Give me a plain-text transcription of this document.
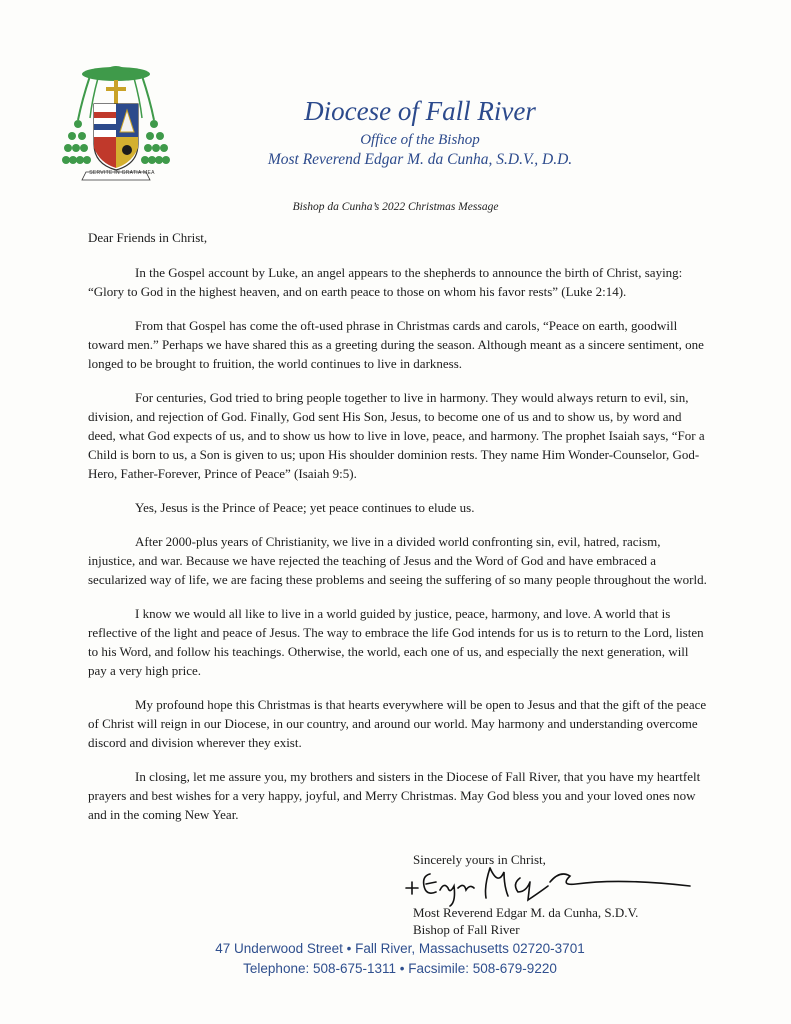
SERVITE IN GRATIA MEA
Diocese of Fall River
Office of the Bishop
Most Reverend Edgar M. da Cunha, S.D.V., D.D.
Bishop da Cunha’s 2022 Christmas Message

Dear Friends in Christ,

In the Gospel account by Luke, an angel appears to the shepherds to announce the birth of Christ, saying: “Glory to God in the highest heaven, and on earth peace to those on whom his favor rests” (Luke 2:14).

From that Gospel has come the oft-used phrase in Christmas cards and carols, “Peace on earth, goodwill toward men.” Perhaps we have shared this as a greeting during the season. Although meant as a sincere sentiment, one longed to be brought to fruition, the world continues to live in darkness.

For centuries, God tried to bring people together to live in harmony. They would always return to evil, sin, division, and rejection of God. Finally, God sent His Son, Jesus, to become one of us and to show us, by word and deed, what God expects of us, and to show us how to live in love, peace, and harmony. The prophet Isaiah says, “For a Child is born to us, a Son is given to us; upon His shoulder dominion rests. They name Him Wonder-Counselor, God-Hero, Father-Forever, Prince of Peace” (Isaiah 9:5).

Yes, Jesus is the Prince of Peace; yet peace continues to elude us.

After 2000-plus years of Christianity, we live in a divided world confronting sin, evil, hatred, racism, injustice, and war. Because we have rejected the teaching of Jesus and the Word of God and have embraced a secularized way of life, we are facing these problems and seeing the suffering of so many people throughout the world.

I know we would all like to live in a world guided by justice, peace, harmony, and love. A world that is reflective of the light and peace of Jesus. The way to embrace the life God intends for us is to return to the Lord, listen to his Word, and follow his teachings. Otherwise, the world, each one of us, and especially the next generation, will pay a very high price.

My profound hope this Christmas is that hearts everywhere will be open to Jesus and that the gift of the peace of Christ will reign in our Diocese, in our country, and around our world. May harmony and understanding overcome discord and division wherever they exist.

In closing, let me assure you, my brothers and sisters in the Diocese of Fall River, that you have my heartfelt prayers and best wishes for a very happy, joyful, and Merry Christmas. May God bless you and your loved ones now and in the coming New Year.

Sincerely yours in Christ,
Most Reverend Edgar M. da Cunha, S.D.V.
Bishop of Fall River
47 Underwood Street • Fall River, Massachusetts 02720-3701
Telephone: 508-675-1311 • Facsimile: 508-679-9220
